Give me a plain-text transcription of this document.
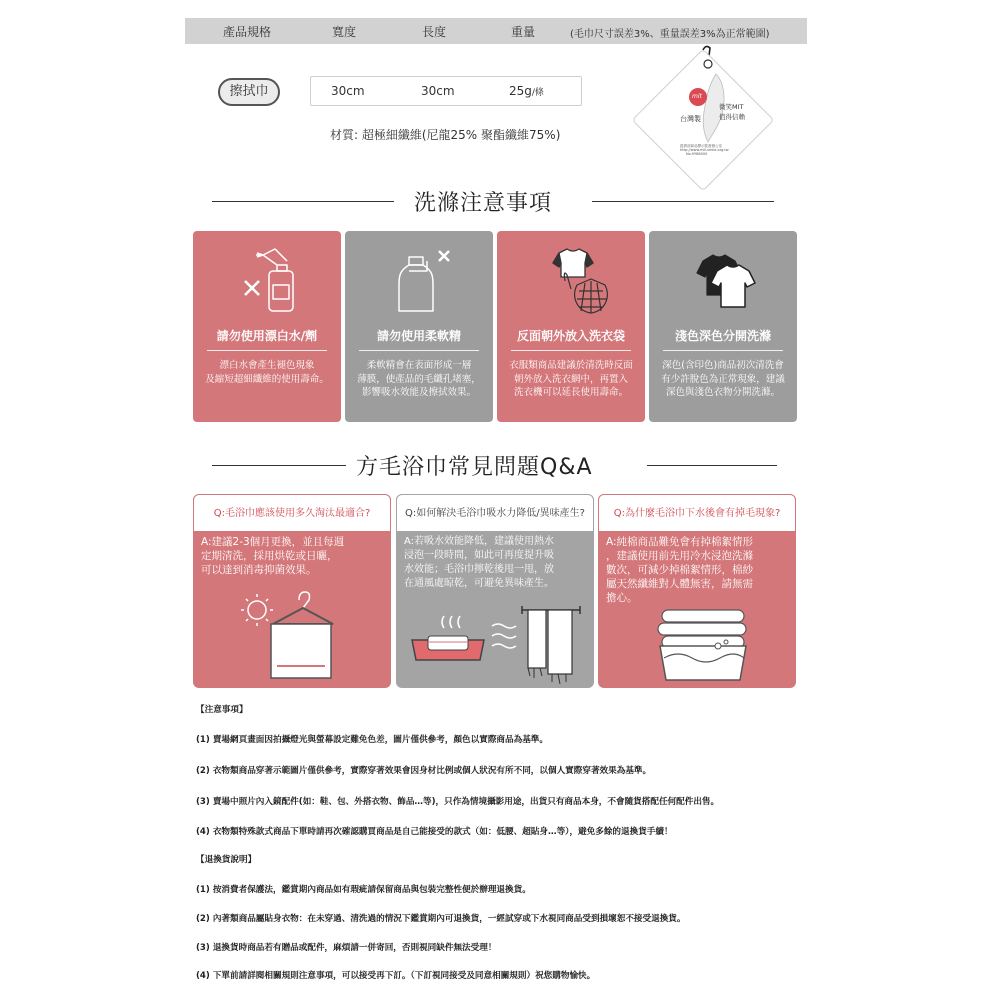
產品規格	寬度	長度	重量	(毛巾尺寸誤差3%、重量誤差3%為正常範圍)
擦拭巾	30cm	30cm	25g/條
材質: 超極細纖維(尼龍25% 聚酯纖維75%)
mit
台灣製
微笑MIT
值得信賴
經濟部商品標示監督辦公室
http://www.mit-smile.org.tw
No.9Y86000
洗滌注意事項
請勿使用漂白水/劑
漂白水會產生褪色現象
及縮短超細纖維的使用壽命。
請勿使用柔軟精
柔軟精會在表面形成一層
薄膜，使產品的毛纖孔堵塞，
影響吸水效能及擦拭效果。
反面朝外放入洗衣袋
衣服類商品建議於清洗時反面
朝外放入洗衣網中，再置入
洗衣機可以延長使用壽命。
淺色深色分開洗滌
深色(含印色)商品初次清洗會
有少許脫色為正常現象，建議
深色與淺色衣物分開洗滌。
方毛浴巾常見問題Q&A
Q:毛浴巾應該使用多久淘汰最適合?
A:建議2-3個月更換，並且每週
定期清洗，採用烘乾或日曬，
可以達到消毒抑菌效果。
Q:如何解決毛浴巾吸水力降低/異味產生?
A:若吸水效能降低，建議使用熱水
浸泡一段時間，如此可再度提升吸
水效能；毛浴巾擰乾後甩一甩，放
在通風處晾乾，可避免異味產生。
Q:為什麼毛浴巾下水後會有掉毛現象?
A:純棉商品難免會有掉棉絮情形
，建議使用前先用冷水浸泡洗滌
數次，可減少掉棉絮情形，棉紗
屬天然纖維對人體無害，請無需
擔心。
【注意事項】
(1) 賣場網頁畫面因拍攝燈光與螢幕設定難免色差，圖片僅供參考，顏色以實際商品為基準。
(2) 衣物類商品穿著示範圖片僅供參考，實際穿著效果會因身材比例或個人狀況有所不同，以個人實際穿著效果為基準。
(3) 賣場中照片內入鏡配件(如：鞋、包、外搭衣物、飾品…等)，只作為情境攝影用途，出貨只有商品本身，不會隨貨搭配任何配件出售。
(4) 衣物類特殊款式商品下單時請再次確認購買商品是自己能接受的款式（如：低腰、超貼身…等），避免多餘的退換貨手續！
【退換貨說明】
(1) 按消費者保護法，鑑賞期內商品如有瑕疵請保留商品與包裝完整性便於辦理退換貨。
(2) 內著類商品屬貼身衣物：在未穿過、清洗過的情況下鑑賞期內可退換貨，一經試穿或下水視同商品受到損壞恕不接受退換貨。
(3) 退換貨時商品若有贈品或配件，麻煩請一併寄回，否則視同缺件無法受理！
(4) 下單前請詳閱相關規則注意事項，可以接受再下訂。（下訂視同接受及同意相關規則）祝您購物愉快。
